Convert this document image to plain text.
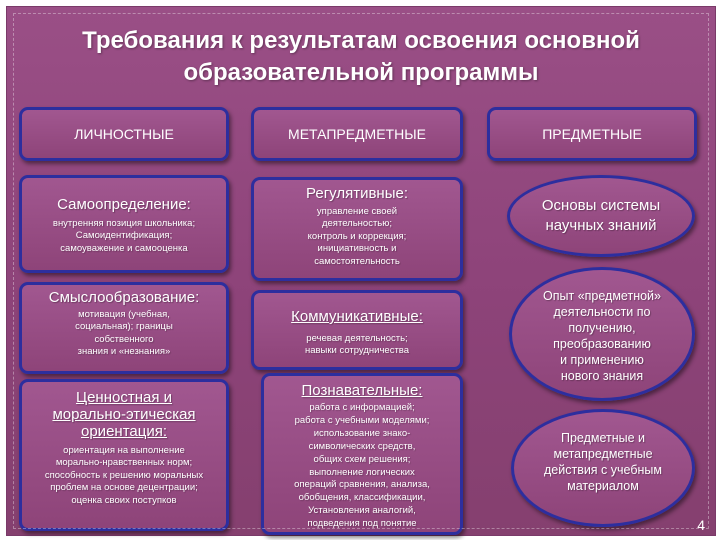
Требования к результатам освоения основной
образовательной программы
ЛИЧНОСТНЫЕ	МЕТАПРЕДМЕТНЫЕ	ПРЕДМЕТНЫЕ
Самоопределение:
внутренняя позиция школьника;
Самоидентификация;
самоуважение и самооценка
Смыслообразование:
мотивация (учебная,
социальная); границы
собственного
знания и «незнания»
Ценностная и
морально-этическая
ориентация:
ориентация на выполнение
морально-нравственных норм;
способность к решению моральных
проблем на основе децентрации;
оценка своих поступков
Регулятивные:
управление своей
деятельностью;
контроль и коррекция;
инициативность и
самостоятельность
Коммуникативные:
речевая деятельность;
навыки сотрудничества
Познавательные:
работа с информацией;
работа с учебными моделями;
использование знако-
символических средств,
общих схем решения;
выполнение логических
операций сравнения, анализа,
обобщения, классификации,
Установления аналогий,
подведения под понятие
Основы системы
научных знаний
Опыт «предметной»
деятельности по
получению,
преобразованию
и применению
нового знания
Предметные и
метапредметные
действия с учебным
материалом
4
